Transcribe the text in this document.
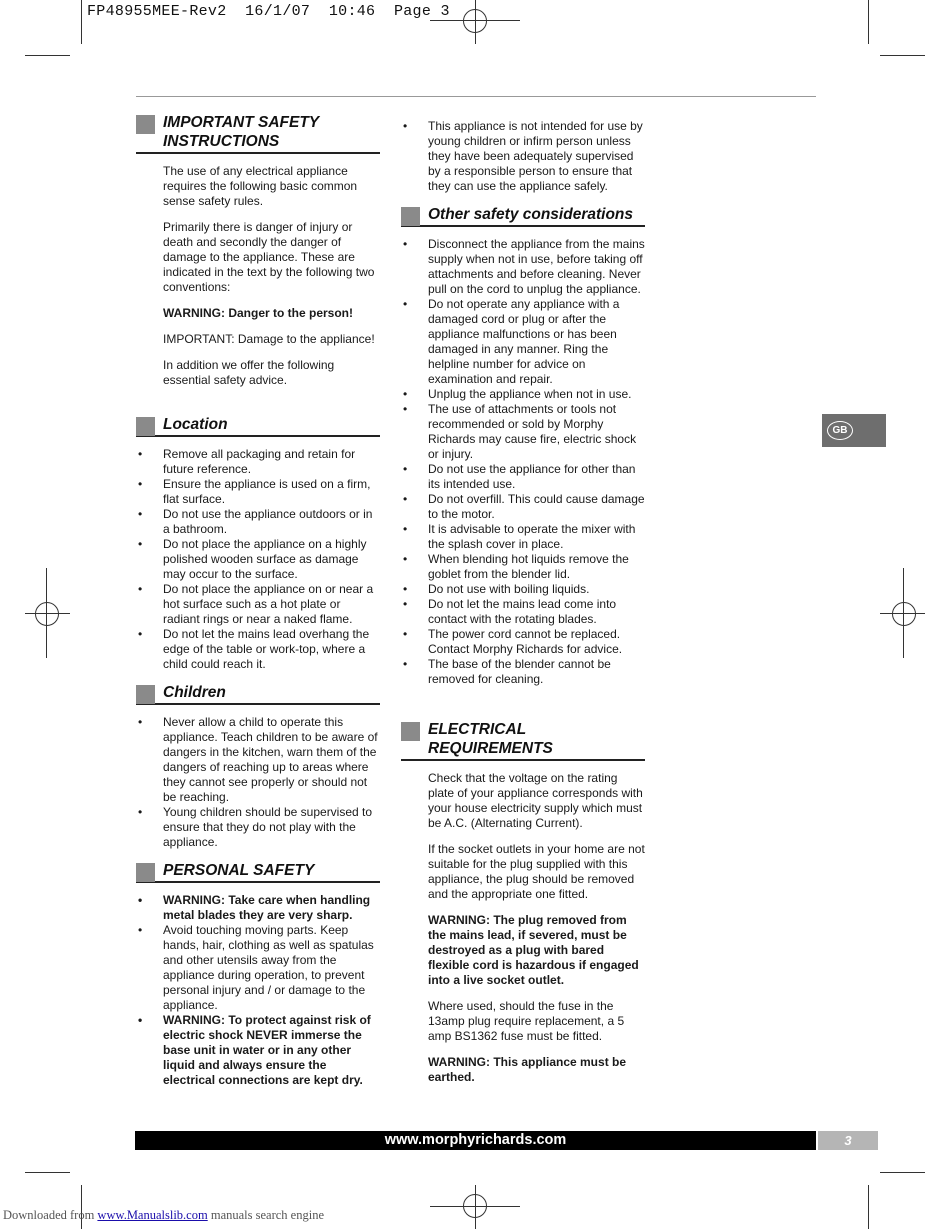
FP48955MEE-Rev2  16/1/07  10:46  Page 3
IMPORTANT SAFETY INSTRUCTIONS

The use of any electrical appliance requires the following basic common sense safety rules.

Primarily there is danger of injury or death and secondly the danger of damage to the appliance. These are indicated in the text by the following two conventions:

WARNING: Danger to the person!

IMPORTANT: Damage to the appliance!

In addition we offer the following essential safety advice.

Location
• Remove all packaging and retain for future reference.
• Ensure the appliance is used on a firm, flat surface.
• Do not use the appliance outdoors or in a bathroom.
• Do not place the appliance on a highly polished wooden surface as damage may occur to the surface.
• Do not place the appliance on or near a hot surface such as a hot plate or radiant rings or near a naked flame.
• Do not let the mains lead overhang the edge of the table or work-top, where a child could reach it.
Children
• Never allow a child to operate this appliance. Teach children to be aware of dangers in the kitchen, warn them of the dangers of reaching up to areas where they cannot see properly or should not be reaching.
• Young children should be supervised to ensure that they do not play with the appliance.
PERSONAL SAFETY
• WARNING: Take care when handling metal blades they are very sharp.
• Avoid touching moving parts. Keep hands, hair, clothing as well as spatulas and other utensils away from the appliance during operation, to prevent personal injury and / or damage to the appliance.
• WARNING: To protect against risk of electric shock NEVER immerse the base unit in water or in any other liquid and always ensure the electrical connections are kept dry.
• This appliance is not intended for use by young children or infirm person unless they have been adequately supervised by a responsible person to ensure that they can use the appliance safely.
Other safety considerations
• Disconnect the appliance from the mains supply when not in use, before taking off attachments and before cleaning. Never pull on the cord to unplug the appliance.
• Do not operate any appliance with a damaged cord or plug or after the appliance malfunctions or has been damaged in any manner. Ring the helpline number for advice on examination and repair.
• Unplug the appliance when not in use.
• The use of attachments or tools not recommended or sold by Morphy Richards may cause fire, electric shock or injury.
• Do not use the appliance for other than its intended use.
• Do not overfill. This could cause damage to the motor.
• It is advisable to operate the mixer with the splash cover in place.
• When blending hot liquids remove the goblet from the blender lid.
• Do not use with boiling liquids.
• Do not let the mains lead come into contact with the rotating blades.
• The power cord cannot be replaced. Contact Morphy Richards for advice.
• The base of the blender cannot be removed for cleaning.
ELECTRICAL
REQUIREMENTS

Check that the voltage on the rating plate of your appliance corresponds with your house electricity supply which must be A.C. (Alternating Current).

If the socket outlets in your home are not suitable for the plug supplied with this appliance, the plug should be removed and the appropriate one fitted.

WARNING: The plug removed from the mains lead, if severed, must be destroyed as a plug with bared flexible cord is hazardous if engaged into a live socket outlet.

Where used, should the fuse in the 13amp plug require replacement, a 5 amp BS1362 fuse must be fitted.

WARNING: This appliance must be earthed.

GB
www.morphyrichards.com	3
Downloaded from www.Manualslib.com manuals search engine
